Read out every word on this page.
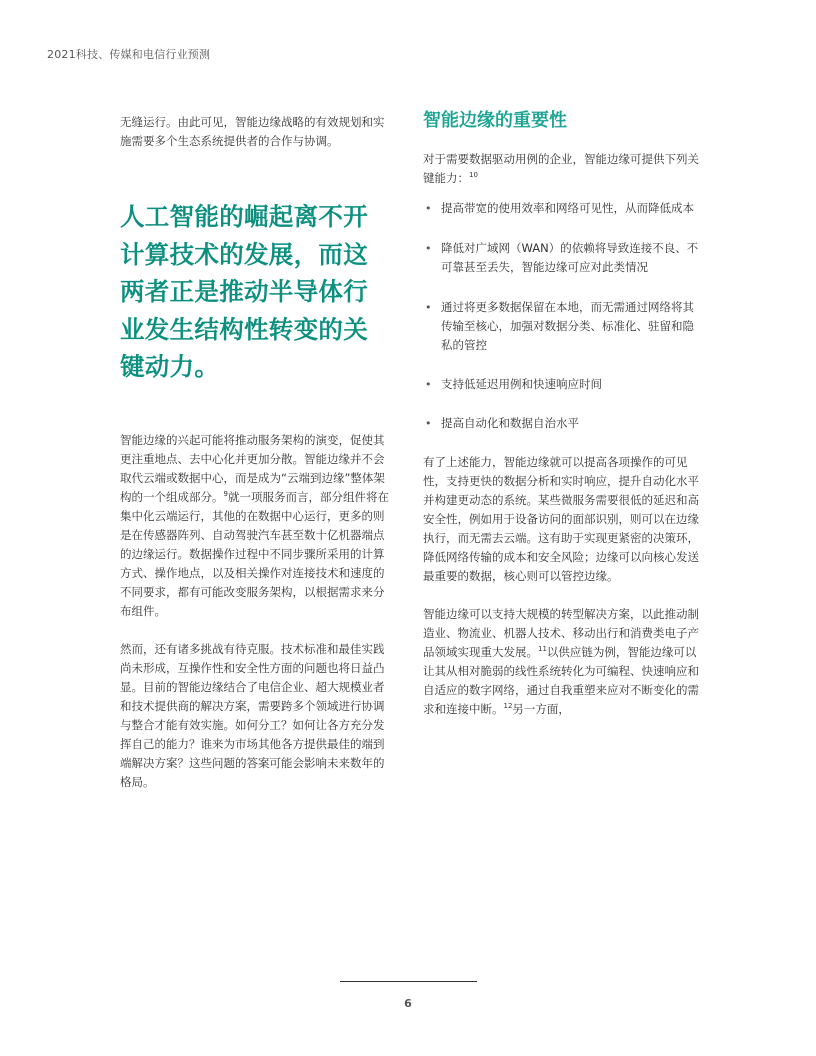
2021科技、传媒和电信行业预测

无缝运行。由此可见，智能边缘战略的有效规划和实施需要多个生态系统提供者的合作与协调。

人工智能的崛起离不开计算技术的发展，而这两者正是推动半导体行业发生结构性转变的关键动力。

智能边缘的兴起可能将推动服务架构的演变，促使其更注重地点、去中心化并更加分散。智能边缘并不会取代云端或数据中心，而是成为“云端到边缘”整体架构的一个组成部分。$^9$就一项服务而言，部分组件将在集中化云端运行，其他的在数据中心运行，更多的则是在传感器阵列、自动驾驶汽车甚至数十亿机器端点的边缘运行。数据操作过程中不同步骤所采用的计算方式、操作地点，以及相关操作对连接技术和速度的不同要求，都有可能改变服务架构，以根据需求来分布组件。

然而，还有诸多挑战有待克服。技术标准和最佳实践尚未形成，互操作性和安全性方面的问题也将日益凸显。目前的智能边缘结合了电信企业、超大规模业者和技术提供商的解决方案，需要跨多个领域进行协调与整合才能有效实施。如何分工？如何让各方充分发挥自己的能力？谁来为市场其他各方提供最佳的端到端解决方案？这些问题的答案可能会影响未来数年的格局。

智能边缘的重要性

对于需要数据驱动用例的企业，智能边缘可提供下列关键能力：$^{10}$

• 提高带宽的使用效率和网络可见性，从而降低成本
• 降低对广域网（WAN）的依赖将导致连接不良、不可靠甚至丢失，智能边缘可应对此类情况
• 通过将更多数据保留在本地，而无需通过网络将其传输至核心，加强对数据分类、标准化、驻留和隐私的管控
• 支持低延迟用例和快速响应时间
• 提高自动化和数据自治水平

有了上述能力，智能边缘就可以提高各项操作的可见性，支持更快的数据分析和实时响应，提升自动化水平并构建更动态的系统。某些微服务需要很低的延迟和高安全性，例如用于设备访问的面部识别，则可以在边缘执行，而无需去云端。这有助于实现更紧密的决策环，降低网络传输的成本和安全风险；边缘可以向核心发送最重要的数据，核心则可以管控边缘。

智能边缘可以支持大规模的转型解决方案，以此推动制造业、物流业、机器人技术、移动出行和消费类电子产品领域实现重大发展。$^{11}$以供应链为例，智能边缘可以让其从相对脆弱的线性系统转化为可编程、快速响应和自适应的数字网络，通过自我重塑来应对不断变化的需求和连接中断。$^{12}$另一方面，

6
